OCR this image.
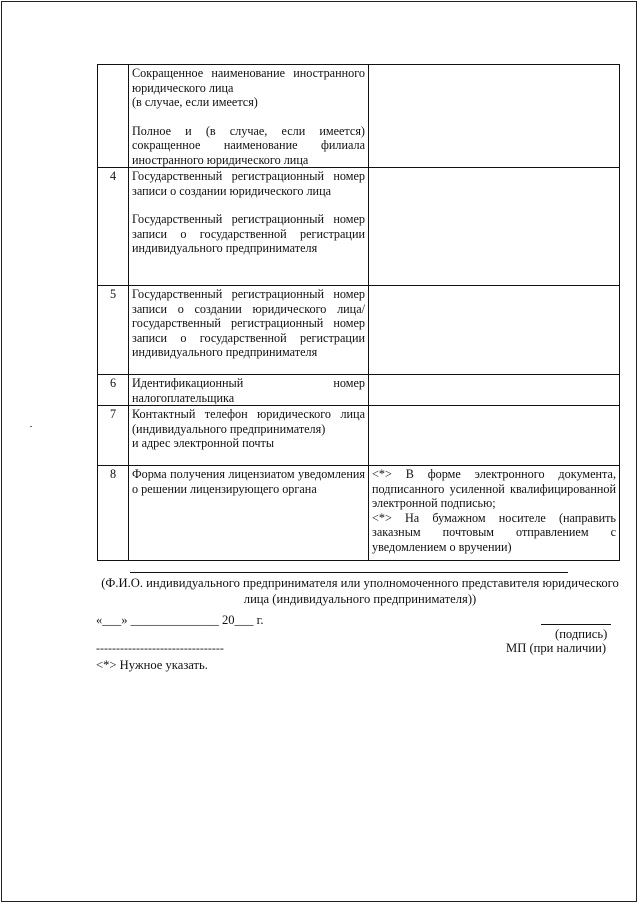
	Сокращенное наименование иностранного юридического лица
(в случае, если имеется)
Полное и (в случае, если имеется) сокращенное наименование филиала иностранного юридического лица	

4	Государственный регистрационный номер записи о создании юридического лица
Государственный регистрационный номер записи о государственной регистрации индивидуального предпринимателя	

5	Государственный регистрационный номер записи о создании юридического лица/государственный регистрационный номер записи о государственной регистрации индивидуального предпринимателя	

6	Идентификационный номер налогоплательщика	

7	Контактный телефон юридического лица (индивидуального предпринимателя)
и адрес электронной почты	

8	Форма получения лицензиатом уведомления о решении лицензирующего органа	<*> В форме электронного документа, подписанного усиленной квалифицированной электронной подписью;
<*> На бумажном носителе (направить заказным почтовым отправлением с уведомлением о вручении)
(Ф.И.О. индивидуального предпринимателя или уполномоченного представителя юридического лица (индивидуального предпринимателя))
«___» ______________ 20___ г.
(подпись)
--------------------------------	МП (при наличии)
<*> Нужное указать.
